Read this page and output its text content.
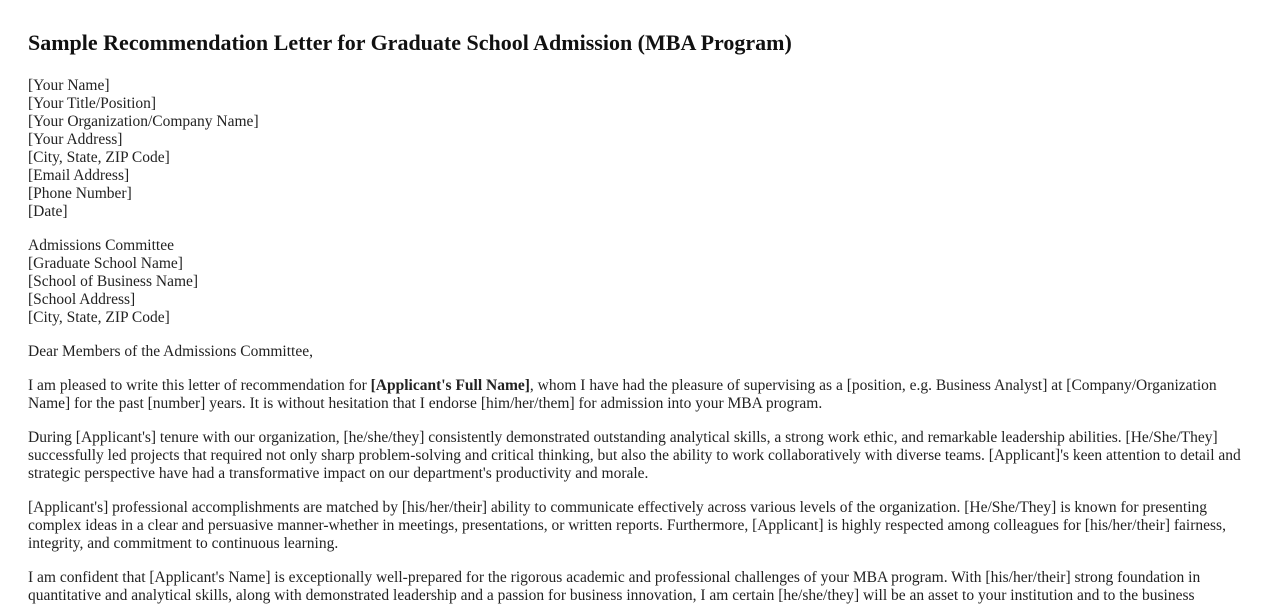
Sample Recommendation Letter for Graduate School Admission (MBA Program)
[Your Name]
[Your Title/Position]
[Your Organization/Company Name]
[Your Address]
[City, State, ZIP Code]
[Email Address]
[Phone Number]
[Date]
Admissions Committee
[Graduate School Name]
[School of Business Name]
[School Address]
[City, State, ZIP Code]

Dear Members of the Admissions Committee,

I am pleased to write this letter of recommendation for [Applicant's Full Name], whom I have had the pleasure of supervising as a [position, e.g. Business Analyst] at [Company/Organization Name] for the past [number] years. It is without hesitation that I endorse [him/her/them] for admission into your MBA program.

During [Applicant's] tenure with our organization, [he/she/they] consistently demonstrated outstanding analytical skills, a strong work ethic, and remarkable leadership abilities. [He/She/They] successfully led projects that required not only sharp problem-solving and critical thinking, but also the ability to work collaboratively with diverse teams. [Applicant]'s keen attention to detail and strategic perspective have had a transformative impact on our department's productivity and morale.

[Applicant's] professional accomplishments are matched by [his/her/their] ability to communicate effectively across various levels of the organization. [He/She/They] is known for presenting complex ideas in a clear and persuasive manner-whether in meetings, presentations, or written reports. Furthermore, [Applicant] is highly respected among colleagues for [his/her/their] fairness, integrity, and commitment to continuous learning.

I am confident that [Applicant's Name] is exceptionally well-prepared for the rigorous academic and professional challenges of your MBA program. With [his/her/their] strong foundation in quantitative and analytical skills, along with demonstrated leadership and a passion for business innovation, I am certain [he/she/they] will be an asset to your institution and to the business
